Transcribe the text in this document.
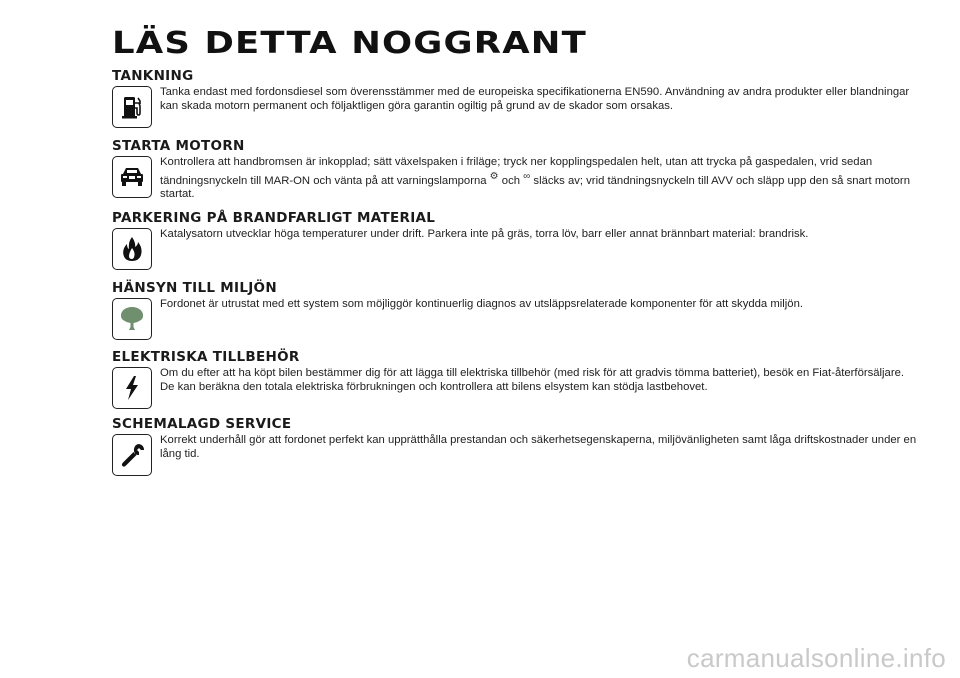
LÄS DETTA NOGGRANT
TANKNING
Tanka endast med fordonsdiesel som överensstämmer med de europeiska specifikationerna EN590. Användning av andra produkter eller blandningar kan skada motorn permanent och följaktligen göra garantin ogiltig på grund av de skador som orsakas.
STARTA MOTORN
Kontrollera att handbromsen är inkopplad; sätt växelspaken i friläge; tryck ner kopplingspedalen helt, utan att trycka på gaspedalen, vrid sedan tändningsnyckeln till MAR-ON och vänta på att varningslamporna ⚙ och ∞ släcks av; vrid tändningsnyckeln till AVV och släpp upp den så snart motorn startat.
PARKERING PÅ BRANDFARLIGT MATERIAL
Katalysatorn utvecklar höga temperaturer under drift. Parkera inte på gräs, torra löv, barr eller annat brännbart material: brandrisk.
HÄNSYN TILL MILJÖN
Fordonet är utrustat med ett system som möjliggör kontinuerlig diagnos av utsläppsrelaterade komponenter för att skydda miljön.
ELEKTRISKA TILLBEHÖR
Om du efter att ha köpt bilen bestämmer dig för att lägga till elektriska tillbehör (med risk för att gradvis tömma batteriet), besök en Fiat-återförsäljare. De kan beräkna den totala elektriska förbrukningen och kontrollera att bilens elsystem kan stödja lastbehovet.
SCHEMALAGD SERVICE
Korrekt underhåll gör att fordonet perfekt kan upprätthålla prestandan och säkerhetsegenskaperna, miljövänligheten samt låga driftskostnader under en lång tid.
carmanualsonline.info
